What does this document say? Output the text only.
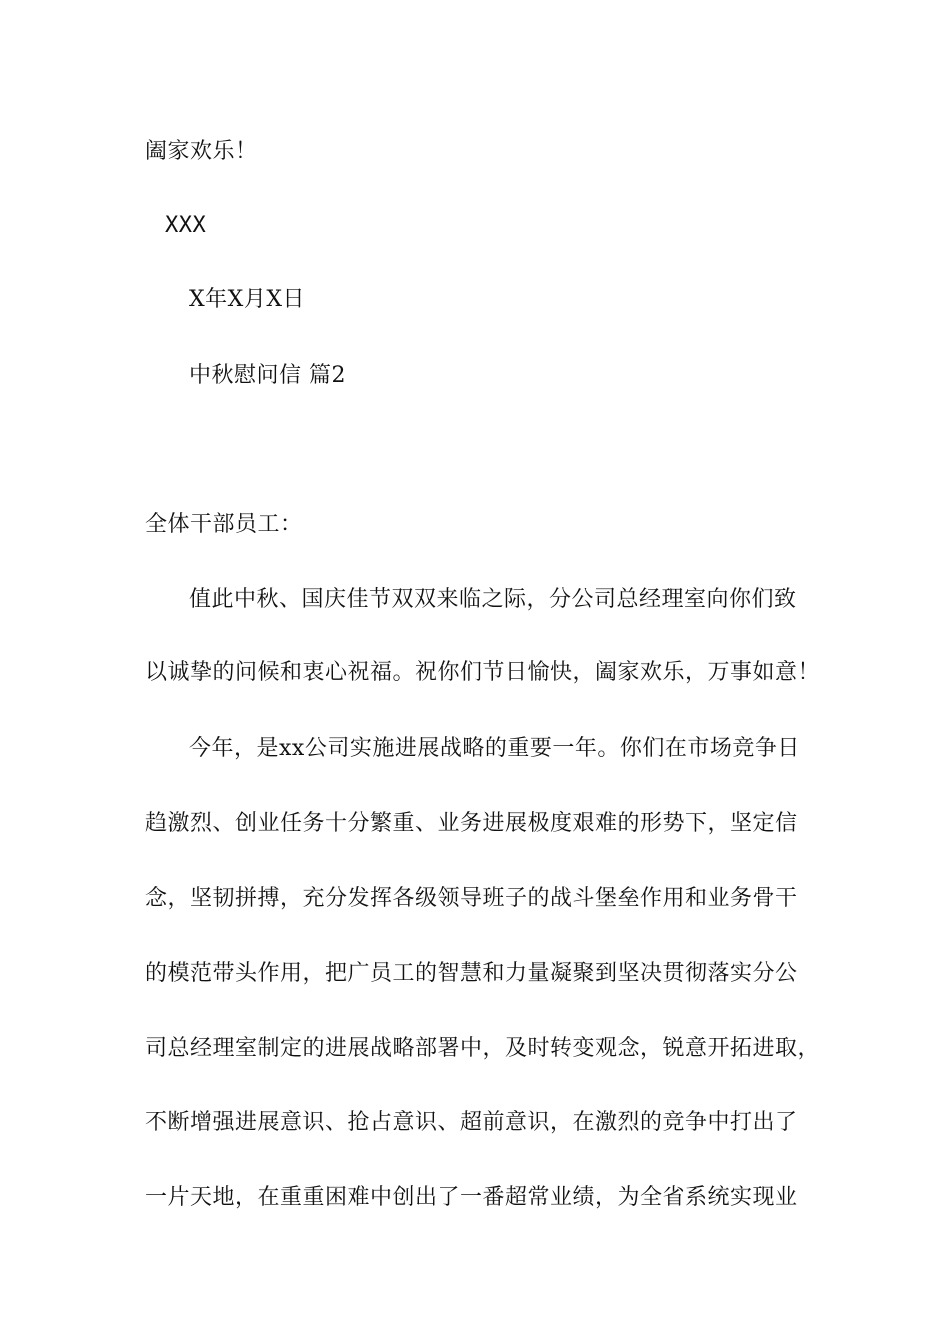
阖家欢乐！
XXX
X年X月X日
中秋慰问信 篇2
全体干部员工：
值此中秋、国庆佳节双双来临之际，分公司总经理室向你们致
以诚挚的问候和衷心祝福。祝你们节日愉快，阖家欢乐，万事如意！
今年，是xx公司实施进展战略的重要一年。你们在市场竞争日
趋激烈、创业任务十分繁重、业务进展极度艰难的形势下，坚定信
念，坚韧拼搏，充分发挥各级领导班子的战斗堡垒作用和业务骨干
的模范带头作用，把广员工的智慧和力量凝聚到坚决贯彻落实分公
司总经理室制定的进展战略部署中，及时转变观念，锐意开拓进取，
不断增强进展意识、抢占意识、超前意识，在激烈的竞争中打出了
一片天地，在重重困难中创出了一番超常业绩，为全省系统实现业
